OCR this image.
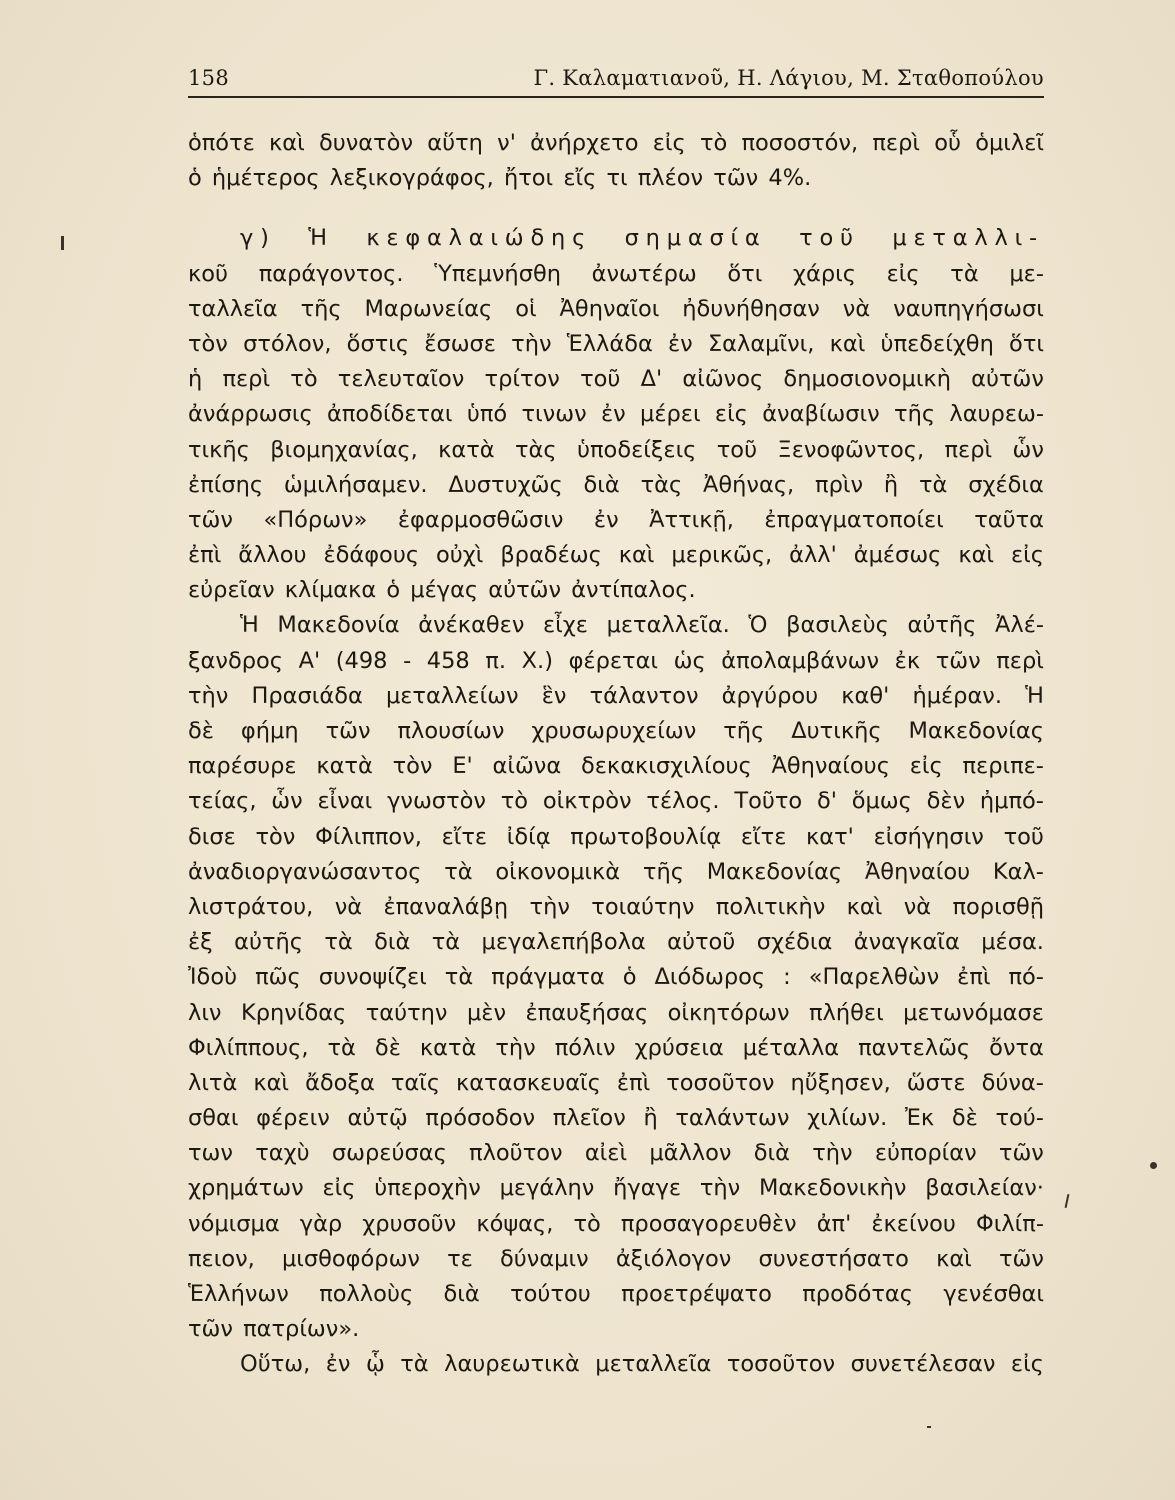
158	Γ. Καλαματιανοῦ, Η. Λάγιου, Μ. Σταθοπούλου
ὁπότε καὶ δυνατὸν αὕτη ν' ἀνήρχετο εἰς τὸ ποσοστόν, περὶ οὗ ὁμιλεῖ
ὁ ἡμέτερος λεξικογράφος, ἤτοι εἴς τι πλέον τῶν 4%.
γ) Ἡ κεφαλαιώδης σημασία τοῦ μεταλλι-
κοῦ παράγοντος. Ὑπεμνήσθη ἀνωτέρω ὅτι χάρις εἰς τὰ με-
ταλλεῖα τῆς Μαρωνείας οἱ Ἀθηναῖοι ἠδυνήθησαν νὰ ναυπηγήσωσι
τὸν στόλον, ὅστις ἔσωσε τὴν Ἑλλάδα ἐν Σαλαμῖνι, καὶ ὑπεδείχθη ὅτι
ἡ περὶ τὸ τελευταῖον τρίτον τοῦ Δ' αἰῶνος δημοσιονομικὴ αὐτῶν
ἀνάρρωσις ἀποδίδεται ὑπό τινων ἐν μέρει εἰς ἀναβίωσιν τῆς λαυρεω-
τικῆς βιομηχανίας, κατὰ τὰς ὑποδείξεις τοῦ Ξενοφῶντος, περὶ ὧν
ἐπίσης ὡμιλήσαμεν. Δυστυχῶς διὰ τὰς Ἀθήνας, πρὶν ἢ τὰ σχέδια
τῶν «Πόρων» ἐφαρμοσθῶσιν ἐν Ἀττικῇ, ἐπραγματοποίει ταῦτα
ἐπὶ ἄλλου ἐδάφους οὐχὶ βραδέως καὶ μερικῶς, ἀλλ' ἀμέσως καὶ εἰς
εὐρεῖαν κλίμακα ὁ μέγας αὐτῶν ἀντίπαλος.
Ἡ Μακεδονία ἀνέκαθεν εἶχε μεταλλεῖα. Ὁ βασιλεὺς αὐτῆς Ἀλέ-
ξανδρος Α' (498 - 458 π. Χ.) φέρεται ὡς ἀπολαμβάνων ἐκ τῶν περὶ
τὴν Πρασιάδα μεταλλείων ἓν τάλαντον ἀργύρου καθ' ἡμέραν. Ἡ
δὲ φήμη τῶν πλουσίων χρυσωρυχείων τῆς Δυτικῆς Μακεδονίας
παρέσυρε κατὰ τὸν Ε' αἰῶνα δεκακισχιλίους Ἀθηναίους εἰς περιπε-
τείας, ὧν εἶναι γνωστὸν τὸ οἰκτρὸν τέλος. Τοῦτο δ' ὅμως δὲν ἠμπό-
δισε τὸν Φίλιππον, εἴτε ἰδίᾳ πρωτοβουλίᾳ εἴτε κατ' εἰσήγησιν τοῦ
ἀναδιοργανώσαντος τὰ οἰκονομικὰ τῆς Μακεδονίας Ἀθηναίου Καλ-
λιστράτου, νὰ ἐπαναλάβῃ τὴν τοιαύτην πολιτικὴν καὶ νὰ πορισθῇ
ἐξ αὐτῆς τὰ διὰ τὰ μεγαλεπήβολα αὐτοῦ σχέδια ἀναγκαῖα μέσα.
Ἰδοὺ πῶς συνοψίζει τὰ πράγματα ὁ Διόδωρος : «Παρελθὼν ἐπὶ πό-
λιν Κρηνίδας ταύτην μὲν ἐπαυξήσας οἰκητόρων πλήθει μετωνόμασε
Φιλίππους, τὰ δὲ κατὰ τὴν πόλιν χρύσεια μέταλλα παντελῶς ὄντα
λιτὰ καὶ ἄδοξα ταῖς κατασκευαῖς ἐπὶ τοσοῦτον ηὔξησεν, ὥστε δύνα-
σθαι φέρειν αὐτῷ πρόσοδον πλεῖον ἢ ταλάντων χιλίων. Ἐκ δὲ τού-
των ταχὺ σωρεύσας πλοῦτον αἰεὶ μᾶλλον διὰ τὴν εὐπορίαν τῶν
χρημάτων εἰς ὑπεροχὴν μεγάλην ἤγαγε τὴν Μακεδονικὴν βασιλείαν·
νόμισμα γὰρ χρυσοῦν κόψας, τὸ προσαγορευθὲν ἀπ' ἐκείνου Φιλίπ-
πειον, μισθοφόρων τε δύναμιν ἀξιόλογον συνεστήσατο καὶ τῶν
Ἑλλήνων πολλοὺς διὰ τούτου προετρέψατο προδότας γενέσθαι
τῶν πατρίων».
Οὕτω, ἐν ᾧ τὰ λαυρεωτικὰ μεταλλεῖα τοσοῦτον συνετέλεσαν εἰς
